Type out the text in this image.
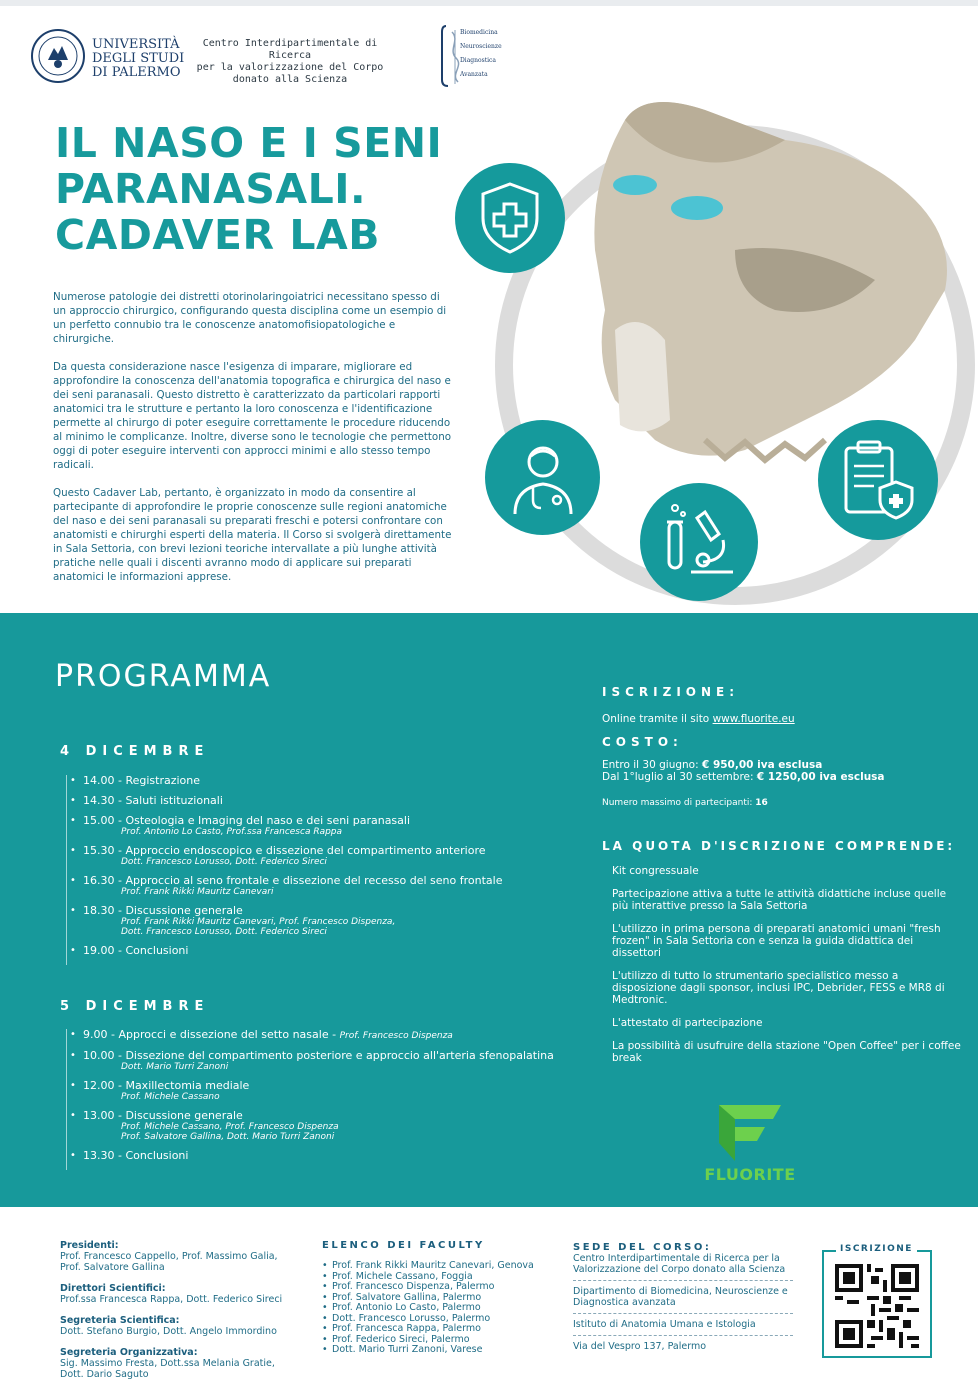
UNIVERSITÀ
DEGLI STUDI
DI PALERMO
Centro Interdipartimentale di Ricerca
per la valorizzazione del Corpo
donato alla Scienza
Biomedicina
Neuroscienze
Diagnostica
Avanzata
IL NASO E I SENI PARANASALI. CADAVER LAB

Numerose patologie dei distretti otorinolaringoiatrici necessitano spesso di un approccio chirurgico, configurando questa disciplina come un esempio di un perfetto connubio tra le conoscenze anatomofisiopatologiche e chirurgiche.

Da questa considerazione nasce l'esigenza di imparare, migliorare ed approfondire la conoscenza dell'anatomia topografica e chirurgica del naso e dei seni paranasali. Questo distretto è caratterizzato da particolari rapporti anatomici tra le strutture e pertanto la loro conoscenza e l'identificazione permette al chirurgo di poter eseguire correttamente le procedure riducendo al minimo le complicanze. Inoltre, diverse sono le tecnologie che permettono oggi di poter eseguire interventi con approcci minimi e allo stesso tempo radicali.

Questo Cadaver Lab, pertanto, è organizzato in modo da consentire al partecipante di approfondire le proprie conoscenze sulle regioni anatomiche del naso e dei seni paranasali su preparati freschi e potersi confrontare con anatomisti e chirurghi esperti della materia. Il Corso si svolgerà direttamente in Sala Settoria, con brevi lezioni teoriche intervallate a più lunghe attività pratiche nelle quali i discenti avranno modo di applicare sui preparati anatomici le informazioni apprese.

PROGRAMMA
4 DICEMBRE
• 14.00 - Registrazione
• 14.30 - Saluti istituzionali
• 15.00 - Osteologia e Imaging del naso e dei seni paranasali
Prof. Antonio Lo Casto, Prof.ssa Francesca Rappa
• 15.30 - Approccio endoscopico e dissezione del compartimento anteriore
Dott. Francesco Lorusso, Dott. Federico Sireci
• 16.30 - Approccio al seno frontale e dissezione del recesso del seno frontale
Prof. Frank Rikki Mauritz Canevari
• 18.30 - Discussione generale
Prof. Frank Rikki Mauritz Canevari, Prof. Francesco Dispenza,
Dott. Francesco Lorusso, Dott. Federico Sireci
• 19.00 - Conclusioni
5 DICEMBRE
• 9.00 - Approcci e dissezione del setto nasale - Prof. Francesco Dispenza
• 10.00 - Dissezione del compartimento posteriore e approccio all'arteria sfenopalatina
Dott. Mario Turri Zanoni
• 12.00 - Maxillectomia mediale
Prof. Michele Cassano
• 13.00 - Discussione generale
Prof. Michele Cassano, Prof. Francesco Dispenza
Prof. Salvatore Gallina, Dott. Mario Turri Zanoni
• 13.30 - Conclusioni
ISCRIZIONE:
Online tramite il sito www.fluorite.eu
COSTO:
Entro il 30 giugno: € 950,00 iva esclusa
Dal 1°luglio al 30 settembre: € 1250,00 iva esclusa
Numero massimo di partecipanti: 16
LA QUOTA D'ISCRIZIONE COMPRENDE:
Kit congressuale
Partecipazione attiva a tutte le attività didattiche incluse quelle più interattive presso la Sala Settoria
L'utilizzo in prima persona di preparati anatomici umani "fresh frozen" in Sala Settoria con e senza la guida didattica dei dissettori
L'utilizzo di tutto lo strumentario specialistico messo a disposizione dagli sponsor, inclusi IPC, Debrider, FESS e MR8 di Medtronic.
L'attestato di partecipazione
La possibilità di usufruire della stazione "Open Coffee" per i coffee break
FLUORITE
Presidenti:
Prof. Francesco Cappello, Prof. Massimo Galia, Prof. Salvatore Gallina
Direttori Scientifici:
Prof.ssa Francesca Rappa, Dott. Federico Sireci
Segreteria Scientifica:
Dott. Stefano Burgio, Dott. Angelo Immordino
Segreteria Organizzativa:
Sig. Massimo Fresta, Dott.ssa Melania Gratie, Dott. Dario Saguto
ELENCO DEI FACULTY
• Prof. Frank Rikki Mauritz Canevari, Genova
• Prof. Michele Cassano, Foggia
• Prof. Francesco Dispenza, Palermo
• Prof. Salvatore Gallina, Palermo
• Prof. Antonio Lo Casto, Palermo
• Dott. Francesco Lorusso, Palermo
• Prof. Francesca Rappa, Palermo
• Prof. Federico Sireci, Palermo
• Dott. Mario Turri Zanoni, Varese
SEDE DEL CORSO:
Centro Interdipartimentale di Ricerca per la Valorizzazione del Corpo donato alla Scienza
Dipartimento di Biomedicina, Neuroscienze e Diagnostica avanzata
Istituto di Anatomia Umana e Istologia
Via del Vespro 137, Palermo
ISCRIZIONE
